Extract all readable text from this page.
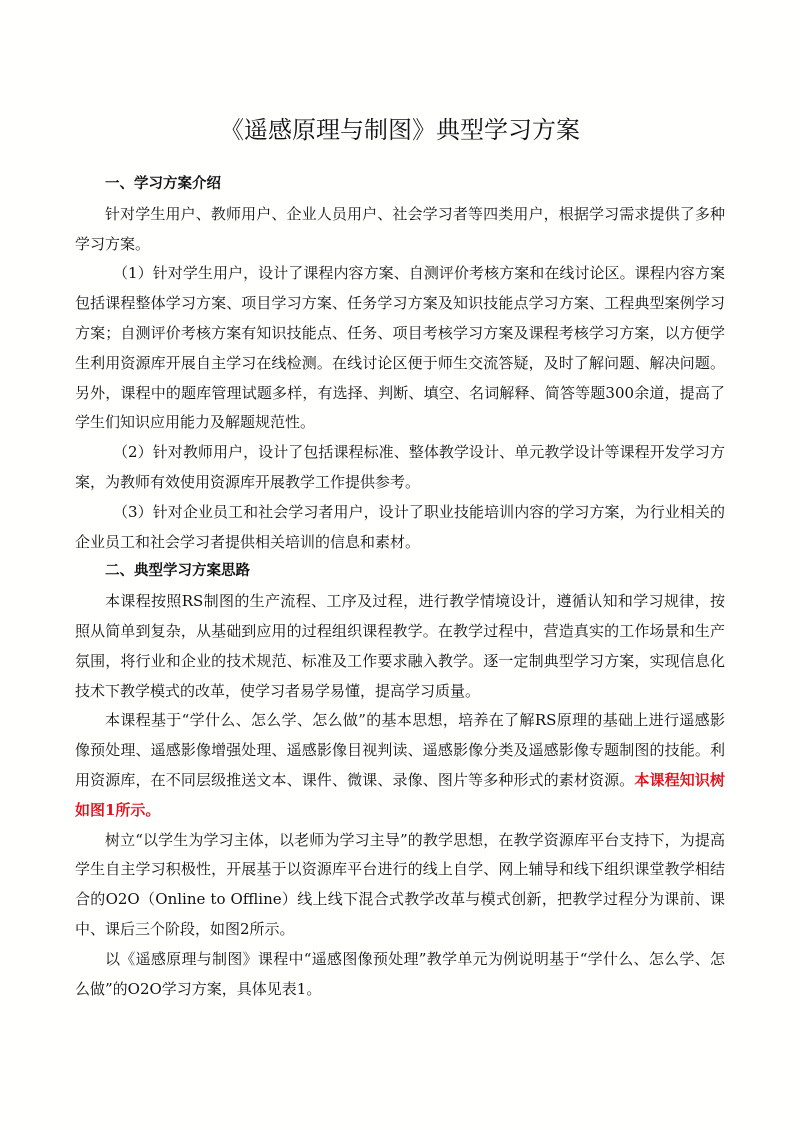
《遥感原理与制图》典型学习方案

一、学习方案介绍

针对学生用户、教师用户、企业人员用户、社会学习者等四类用户，根据学习需求提供了多种学习方案。

（1）针对学生用户，设计了课程内容方案、自测评价考核方案和在线讨论区。课程内容方案包括课程整体学习方案、项目学习方案、任务学习方案及知识技能点学习方案、工程典型案例学习方案；自测评价考核方案有知识技能点、任务、项目考核学习方案及课程考核学习方案，以方便学生利用资源库开展自主学习在线检测。在线讨论区便于师生交流答疑，及时了解问题、解决问题。另外，课程中的题库管理试题多样，有选择、判断、填空、名词解释、简答等题300余道，提高了学生们知识应用能力及解题规范性。

（2）针对教师用户，设计了包括课程标准、整体教学设计、单元教学设计等课程开发学习方案，为教师有效使用资源库开展教学工作提供参考。

（3）针对企业员工和社会学习者用户，设计了职业技能培训内容的学习方案，为行业相关的企业员工和社会学习者提供相关培训的信息和素材。

二、典型学习方案思路

本课程按照RS制图的生产流程、工序及过程，进行教学情境设计，遵循认知和学习规律，按照从简单到复杂，从基础到应用的过程组织课程教学。在教学过程中，营造真实的工作场景和生产氛围，将行业和企业的技术规范、标准及工作要求融入教学。逐一定制典型学习方案，实现信息化技术下教学模式的改革，使学习者易学易懂，提高学习质量。

本课程基于“学什么、怎么学、怎么做”的基本思想，培养在了解RS原理的基础上进行遥感影像预处理、遥感影像增强处理、遥感影像目视判读、遥感影像分类及遥感影像专题制图的技能。利用资源库，在不同层级推送文本、课件、微课、录像、图片等多种形式的素材资源。本课程知识树如图1所示。

树立“以学生为学习主体，以老师为学习主导”的教学思想，在教学资源库平台支持下，为提高学生自主学习积极性，开展基于以资源库平台进行的线上自学、网上辅导和线下组织课堂教学相结合的O2O（Online to Offline）线上线下混合式教学改革与模式创新，把教学过程分为课前、课中、课后三个阶段，如图2所示。

以《遥感原理与制图》课程中“遥感图像预处理”教学单元为例说明基于“学什么、怎么学、怎么做”的O2O学习方案，具体见表1。
